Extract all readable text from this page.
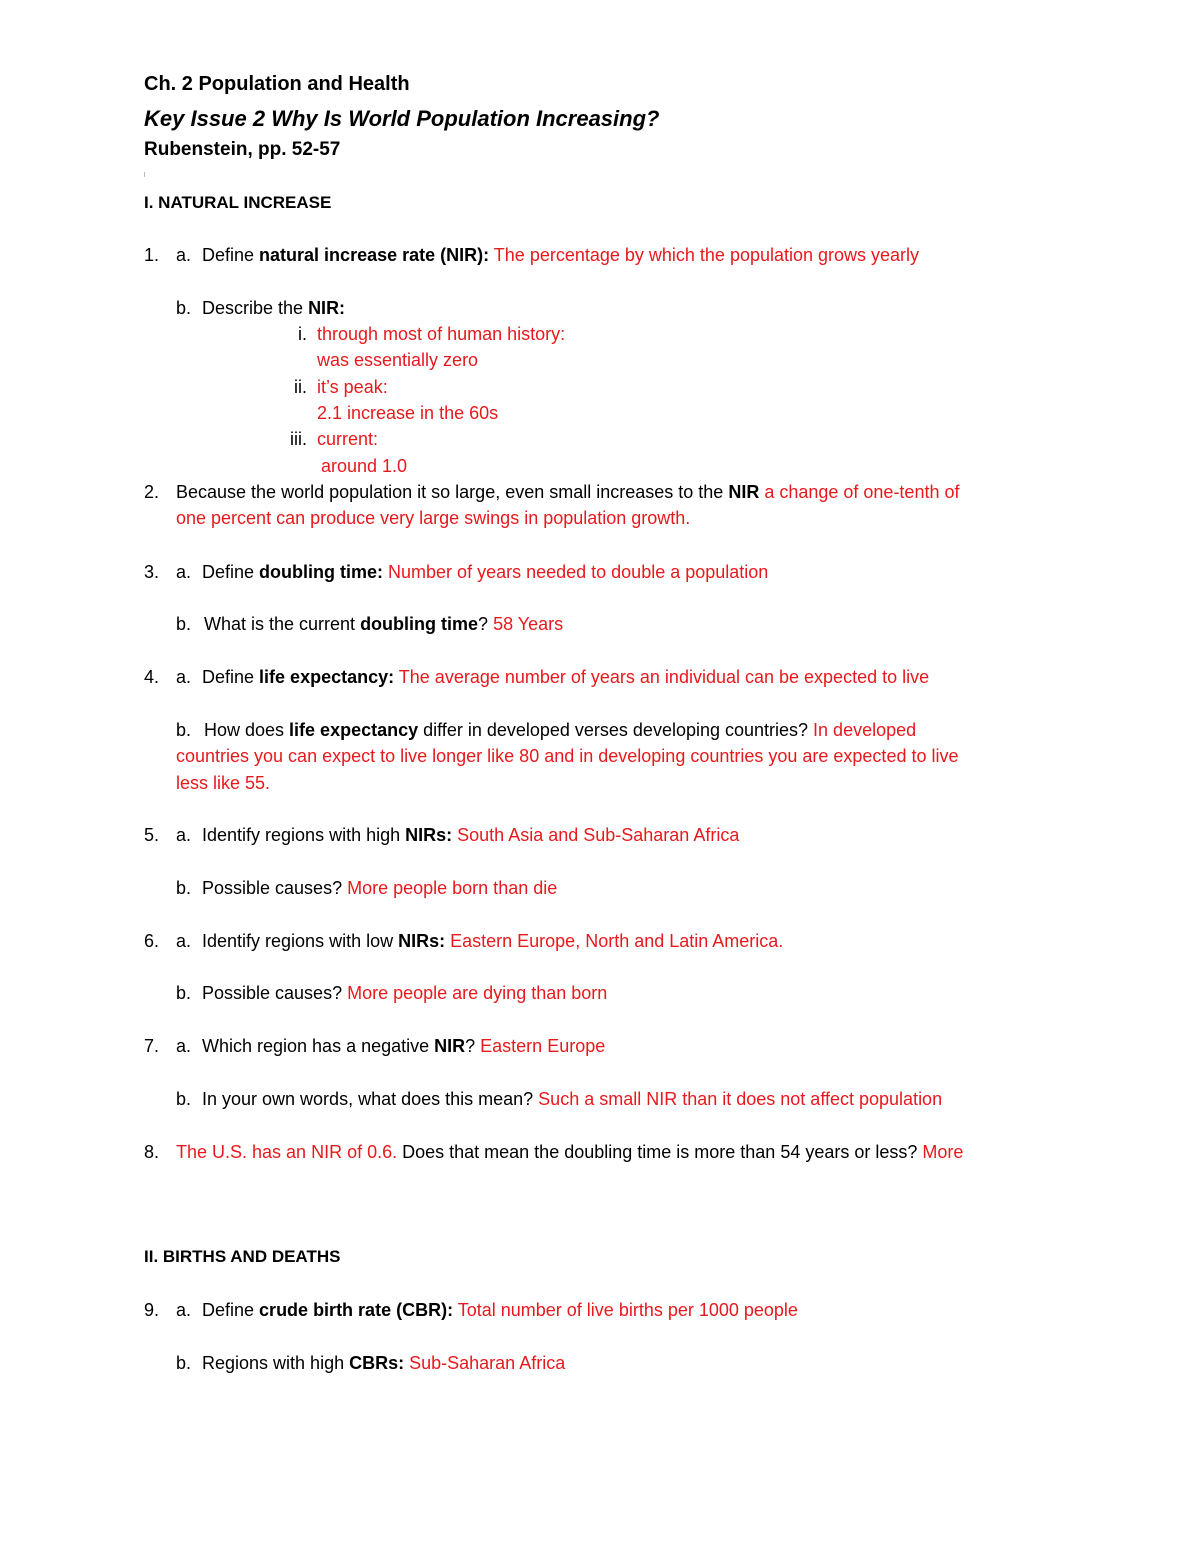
Ch. 2 Population and Health
Key Issue 2 Why Is World Population Increasing?
Rubenstein, pp. 52-57
I. NATURAL INCREASE
1. a. Define natural increase rate (NIR): The percentage by which the population grows yearly
b. Describe the NIR:
i. through most of human history:
was essentially zero
ii. it’s peak:
2.1 increase in the 60s
iii. current:
around 1.0
2. Because the world population it so large, even small increases to the NIR a change of one-tenth of
one percent can produce very large swings in population growth.
3. a. Define doubling time: Number of years needed to double a population
b. What is the current doubling time? 58 Years
4. a. Define life expectancy: The average number of years an individual can be expected to live
b. How does life expectancy differ in developed verses developing countries? In developed
countries you can expect to live longer like 80 and in developing countries you are expected to live
less like 55.
5. a. Identify regions with high NIRs: South Asia and Sub-Saharan Africa
b. Possible causes? More people born than die
6. a. Identify regions with low NIRs: Eastern Europe, North and Latin America.
b. Possible causes? More people are dying than born
7. a. Which region has a negative NIR? Eastern Europe
b. In your own words, what does this mean? Such a small NIR than it does not affect population
8. The U.S. has an NIR of 0.6. Does that mean the doubling time is more than 54 years or less? More
II. BIRTHS AND DEATHS
9. a. Define crude birth rate (CBR): Total number of live births per 1000 people
b. Regions with high CBRs: Sub-Saharan Africa
